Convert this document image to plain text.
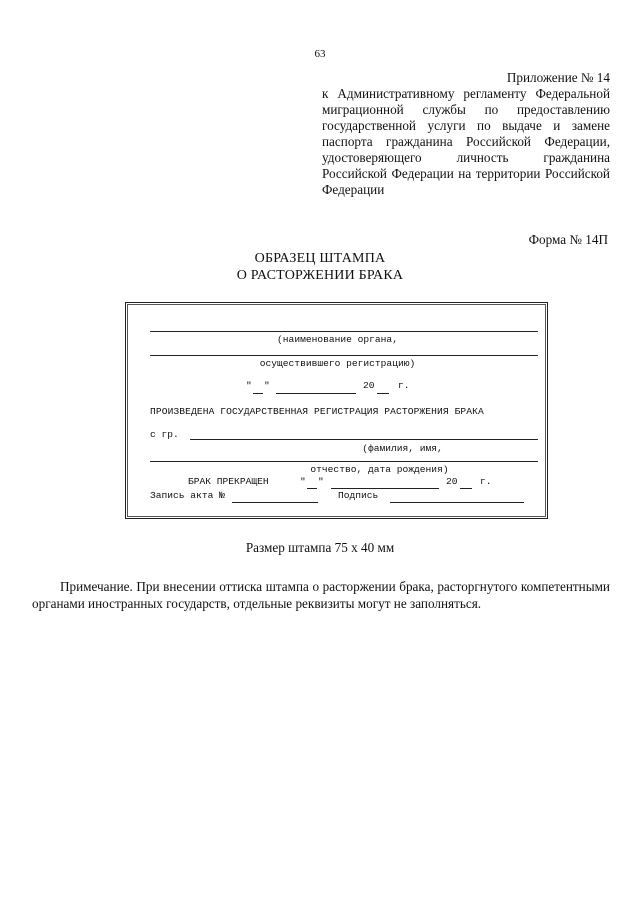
63
Приложение № 14
к Административному регламенту Федеральной
миграционной службы по предоставлению
государственной услуги по выдаче и замене
паспорта гражданина Российской Федерации,
удостоверяющего личность гражданина
Российской Федерации на территории Российской
Федерации
Форма № 14П
ОБРАЗЕЦ ШТАМПА
О РАСТОРЖЕНИИ БРАКА
(наименование органа,
осуществившего регистрацию)
" "	20 г.
ПРОИЗВЕДЕНА ГОСУДАРСТВЕННАЯ РЕГИСТРАЦИЯ РАСТОРЖЕНИЯ БРАКА
с гр.
(фамилия, имя,
отчество, дата рождения)
БРАК ПРЕКРАЩЕН	" "	20 г.
Запись акта №	Подпись
Размер штампа 75 х 40 мм
Примечание. При внесении оттиска штампа о расторжении брака, расторгнутого компетентными органами иностранных государств, отдельные реквизиты могут не заполняться.
